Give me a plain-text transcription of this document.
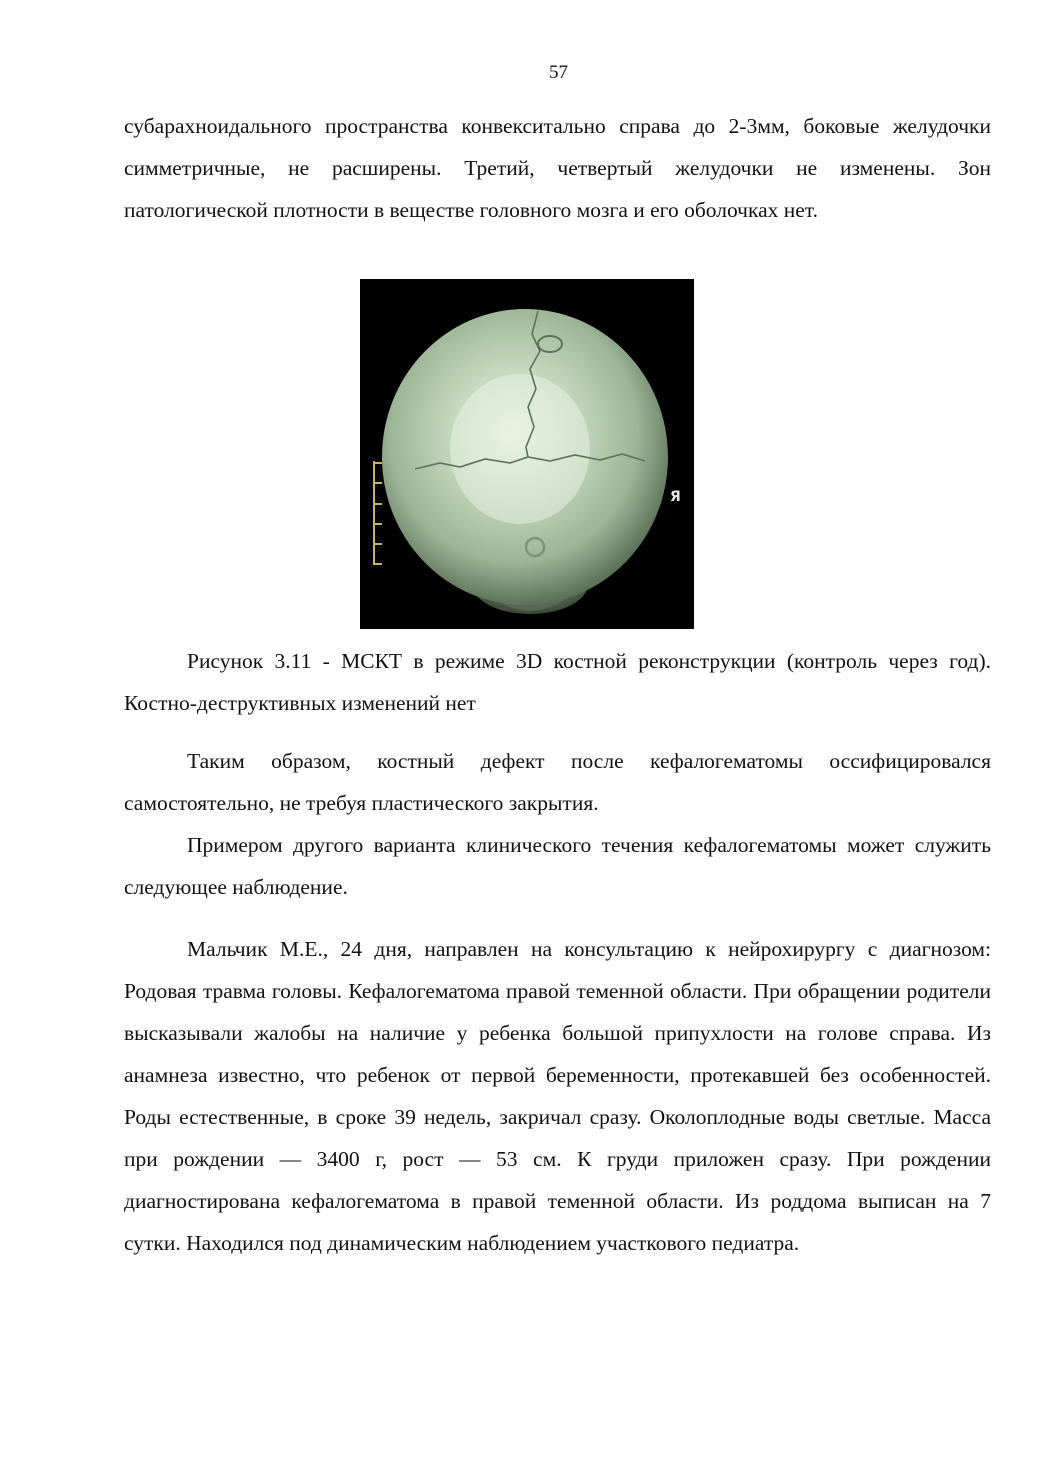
57

субарахноидального пространства конвекситально справа до 2-3мм, боковые желудочки симметричные, не расширены. Третий, четвертый желудочки не изменены. Зон патологической плотности в веществе головного мозга и его оболочках нет.

Я

Рисунок 3.11 - МСКТ в режиме 3D костной реконструкции (контроль через год). Костно-деструктивных изменений нет

Таким образом, костный дефект после кефалогематомы оссифицировался самостоятельно, не требуя пластического закрытия.

Примером другого варианта клинического течения кефалогематомы может служить следующее наблюдение.

Мальчик М.Е., 24 дня, направлен на консультацию к нейрохирургу с диагнозом: Родовая травма головы. Кефалогематома правой теменной области. При обращении родители высказывали жалобы на наличие у ребенка большой припухлости на голове справа. Из анамнеза известно, что ребенок от первой беременности, протекавшей без особенностей. Роды естественные, в сроке 39 недель, закричал сразу. Околоплодные воды светлые. Масса при рождении — 3400 г, рост — 53 см. К груди приложен сразу. При рождении диагностирована кефалогематома в правой теменной области. Из роддома выписан на 7 сутки. Находился под динамическим наблюдением участкового педиатра.
